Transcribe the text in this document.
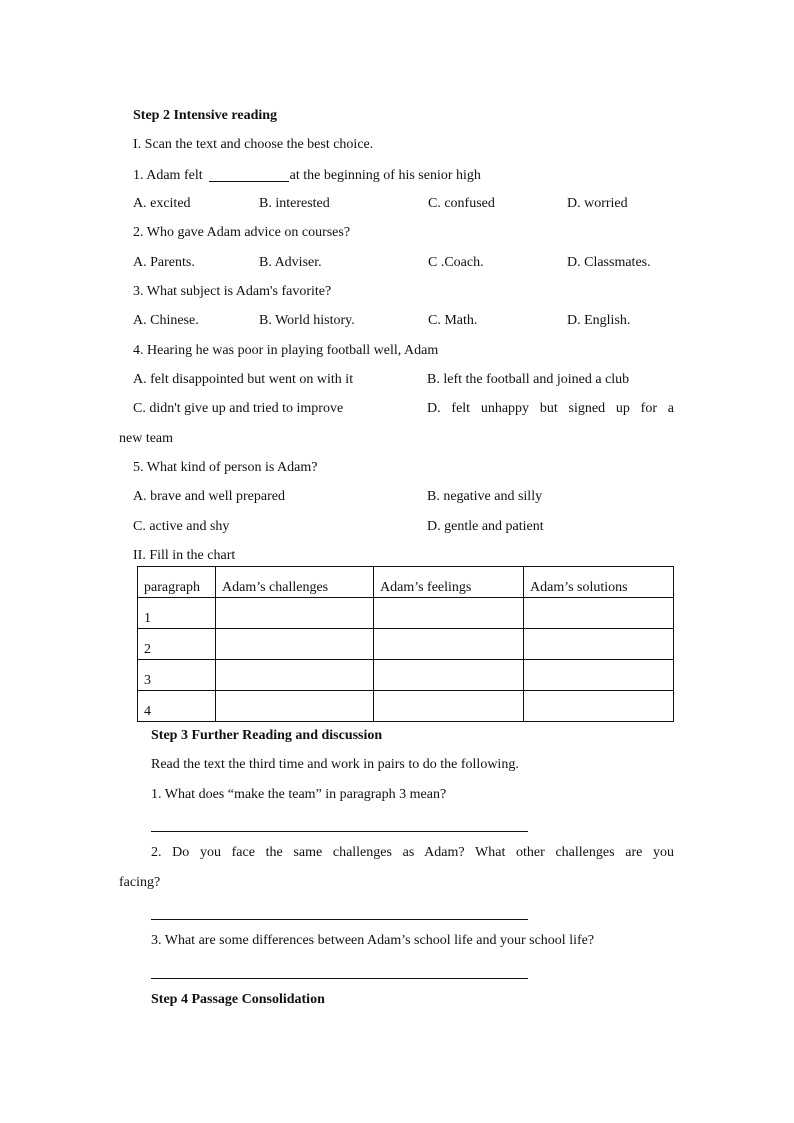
Step 2 Intensive reading
I. Scan the text and choose the best choice.
1. Adam felt	at the beginning of his senior high
A. excited	B. interested	C. confused	D. worried
2. Who gave Adam advice on courses?
A. Parents.	B. Adviser.	C .Coach.	D. Classmates.
3. What subject is Adam's favorite?
A. Chinese.	B. World history.	C. Math.	D. English.
4. Hearing he was poor in playing football well, Adam
A. felt disappointed but went on with it	B. left the football and joined a club
C. didn't give up and tried to improve	D. felt unhappy but signed up for a
new team
5. What kind of person is Adam?
A. brave and well prepared	B. negative and silly
C. active and shy	D. gentle and patient
II. Fill in the chart
paragraph	Adam’s challenges	Adam’s feelings	Adam’s solutions
1			
2			
3			
4			
Step 3 Further Reading and discussion
Read the text the third time and work in pairs to do the following.
1. What does “make the team” in paragraph 3 mean?
2. Do you face the same challenges as Adam? What other challenges are you
facing?
3. What are some differences between Adam’s school life and your school life?
Step 4 Passage Consolidation
